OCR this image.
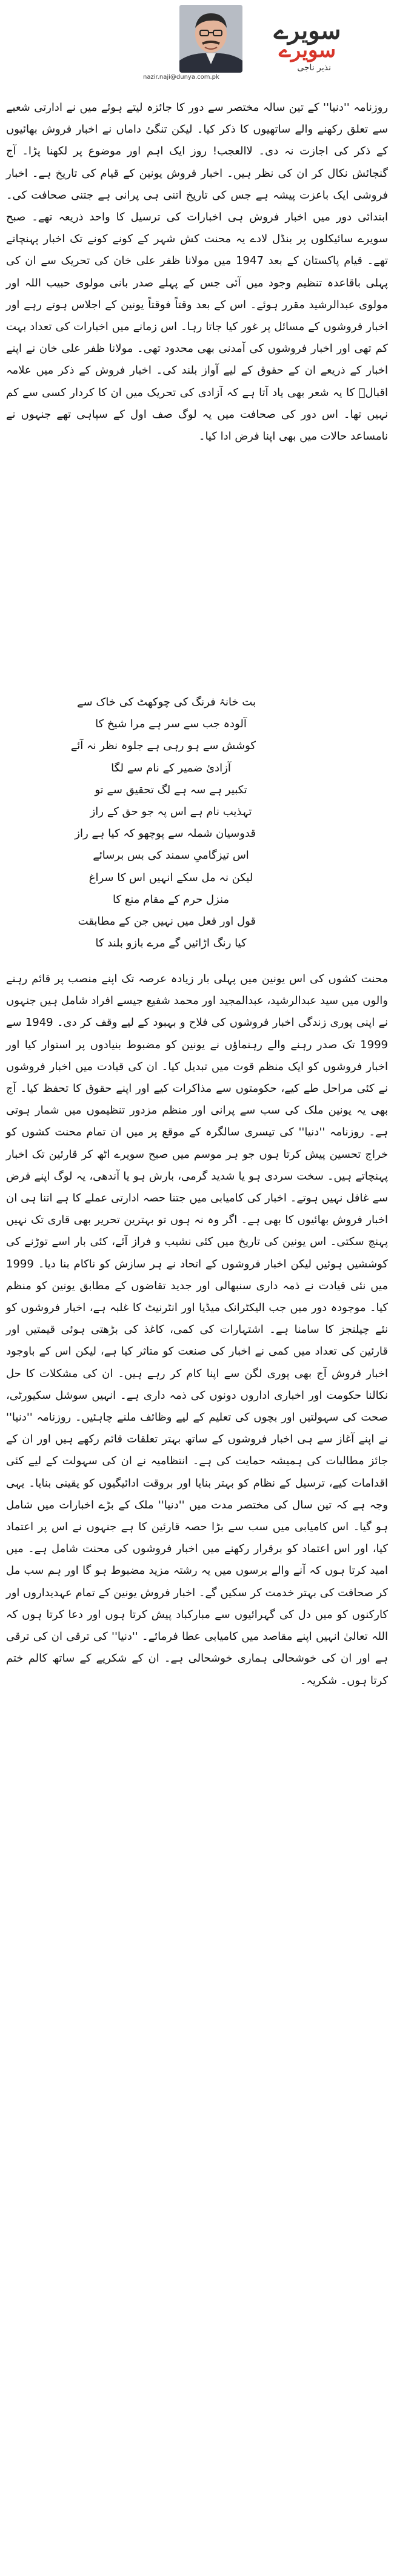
سویرے
سویرے
نذیر ناجی
nazir.naji@dunya.com.pk

روزنامہ ''دنیا'' کے تین سالہ مختصر سے دور کا جائزہ لیتے ہوئے میں نے ادارتی شعبے سے تعلق رکھنے والے ساتھیوں کا ذکر کیا۔ لیکن تنگیٔ داماں نے اخبار فروش بھائیوں کے ذکر کی اجازت نہ دی۔ لاالعجب! روز ایک اہم اور موضوع پر لکھنا پڑا۔ آج گنجائش نکال کر ان کی نظر ہیں۔ اخبار فروش یونین کے قیام کی تاریخ ہے۔ اخبار فروشی ایک باعزت پیشہ ہے جس کی تاریخ اتنی ہی پرانی ہے جتنی صحافت کی۔ ابتدائی دور میں اخبار فروش ہی اخبارات کی ترسیل کا واحد ذریعہ تھے۔ صبح سویرے سائیکلوں پر بنڈل لادے یہ محنت کش شہر کے کونے کونے تک اخبار پہنچاتے تھے۔ قیام پاکستان کے بعد 1947 میں مولانا ظفر علی خان کی تحریک سے ان کی پہلی باقاعدہ تنظیم وجود میں آئی جس کے پہلے صدر بانی مولوی حبیب اللہ اور مولوی عبدالرشید مقرر ہوئے۔ اس کے بعد وقتاً فوقتاً یونین کے اجلاس ہوتے رہے اور اخبار فروشوں کے مسائل پر غور کیا جاتا رہا۔ اس زمانے میں اخبارات کی تعداد بہت کم تھی اور اخبار فروشوں کی آمدنی بھی محدود تھی۔ مولانا ظفر علی خان نے اپنے اخبار کے ذریعے ان کے حقوق کے لیے آواز بلند کی۔ اخبار فروش کے ذکر میں علامہ اقبالؒ کا یہ شعر بھی یاد آتا ہے کہ آزادی کی تحریک میں ان کا کردار کسی سے کم نہیں تھا۔ اس دور کی صحافت میں یہ لوگ صف اول کے سپاہی تھے جنہوں نے نامساعد حالات میں بھی اپنا فرض ادا کیا۔

بت خانۂ فرنگ کی چوکھٹ کی خاک سے
آلودہ جب سے سر ہے مرا شیخ کا
کوشش سے ہو رہی ہے جلوہ نظر نہ آئے
آزادیٔ ضمیر کے نام سے لگا
تکبیر ہے سہ ہے لگ تحقیق سے تو
تہذیب نام ہے اس پہ جو حق کے راز
قدوسیان شملہ سے پوچھو کہ کیا ہے راز
اس تیزگامیِ سمند کی بس برسائے
لیکن نہ مل سکے انہیں اس کا سراغ
منزل حرم کے مقام منع کا
قول اور فعل میں نہیں جن کے مطابقت
کیا رنگ اڑائیں گے مرے بازو بلند کا

محنت کشوں کی اس یونین میں پہلی بار زیادہ عرصہ تک اپنے منصب پر قائم رہنے والوں میں سید عبدالرشید، عبدالمجید اور محمد شفیع جیسے افراد شامل ہیں جنہوں نے اپنی پوری زندگی اخبار فروشوں کی فلاح و بہبود کے لیے وقف کر دی۔ 1949 سے 1999 تک صدر رہنے والے رہنماؤں نے یونین کو مضبوط بنیادوں پر استوار کیا اور اخبار فروشوں کو ایک منظم قوت میں تبدیل کیا۔ ان کی قیادت میں اخبار فروشوں نے کئی مراحل طے کیے، حکومتوں سے مذاکرات کیے اور اپنے حقوق کا تحفظ کیا۔ آج بھی یہ یونین ملک کی سب سے پرانی اور منظم مزدور تنظیموں میں شمار ہوتی ہے۔ روزنامہ ''دنیا'' کی تیسری سالگرہ کے موقع پر میں ان تمام محنت کشوں کو خراج تحسین پیش کرتا ہوں جو ہر موسم میں صبح سویرے اٹھ کر قارئین تک اخبار پہنچاتے ہیں۔ سخت سردی ہو یا شدید گرمی، بارش ہو یا آندھی، یہ لوگ اپنے فرض سے غافل نہیں ہوتے۔ اخبار کی کامیابی میں جتنا حصہ ادارتی عملے کا ہے اتنا ہی ان اخبار فروش بھائیوں کا بھی ہے۔ اگر وہ نہ ہوں تو بہترین تحریر بھی قاری تک نہیں پہنچ سکتی۔ اس یونین کی تاریخ میں کئی نشیب و فراز آئے، کئی بار اسے توڑنے کی کوششیں ہوئیں لیکن اخبار فروشوں کے اتحاد نے ہر سازش کو ناکام بنا دیا۔ 1999 میں نئی قیادت نے ذمہ داری سنبھالی اور جدید تقاضوں کے مطابق یونین کو منظم کیا۔ موجودہ دور میں جب الیکٹرانک میڈیا اور انٹرنیٹ کا غلبہ ہے، اخبار فروشوں کو نئے چیلنجز کا سامنا ہے۔ اشتہارات کی کمی، کاغذ کی بڑھتی ہوئی قیمتیں اور قارئین کی تعداد میں کمی نے اخبار کی صنعت کو متاثر کیا ہے، لیکن اس کے باوجود اخبار فروش آج بھی پوری لگن سے اپنا کام کر رہے ہیں۔ ان کی مشکلات کا حل نکالنا حکومت اور اخباری اداروں دونوں کی ذمہ داری ہے۔ انہیں سوشل سکیورٹی، صحت کی سہولتیں اور بچوں کی تعلیم کے لیے وظائف ملنے چاہئیں۔ روزنامہ ''دنیا'' نے اپنے آغاز سے ہی اخبار فروشوں کے ساتھ بہتر تعلقات قائم رکھے ہیں اور ان کے جائز مطالبات کی ہمیشہ حمایت کی ہے۔ انتظامیہ نے ان کی سہولت کے لیے کئی اقدامات کیے، ترسیل کے نظام کو بہتر بنایا اور بروقت ادائیگیوں کو یقینی بنایا۔ یہی وجہ ہے کہ تین سال کی مختصر مدت میں ''دنیا'' ملک کے بڑے اخبارات میں شامل ہو گیا۔ اس کامیابی میں سب سے بڑا حصہ قارئین کا ہے جنہوں نے اس پر اعتماد کیا، اور اس اعتماد کو برقرار رکھنے میں اخبار فروشوں کی محنت شامل ہے۔ میں امید کرتا ہوں کہ آنے والے برسوں میں یہ رشتہ مزید مضبوط ہو گا اور ہم سب مل کر صحافت کی بہتر خدمت کر سکیں گے۔ اخبار فروش یونین کے تمام عہدیداروں اور کارکنوں کو میں دل کی گہرائیوں سے مبارکباد پیش کرتا ہوں اور دعا کرتا ہوں کہ اللہ تعالیٰ انہیں اپنے مقاصد میں کامیابی عطا فرمائے۔ ''دنیا'' کی ترقی ان کی ترقی ہے اور ان کی خوشحالی ہماری خوشحالی ہے۔ ان کے شکریے کے ساتھ کالم ختم کرتا ہوں۔ شکریہ۔
